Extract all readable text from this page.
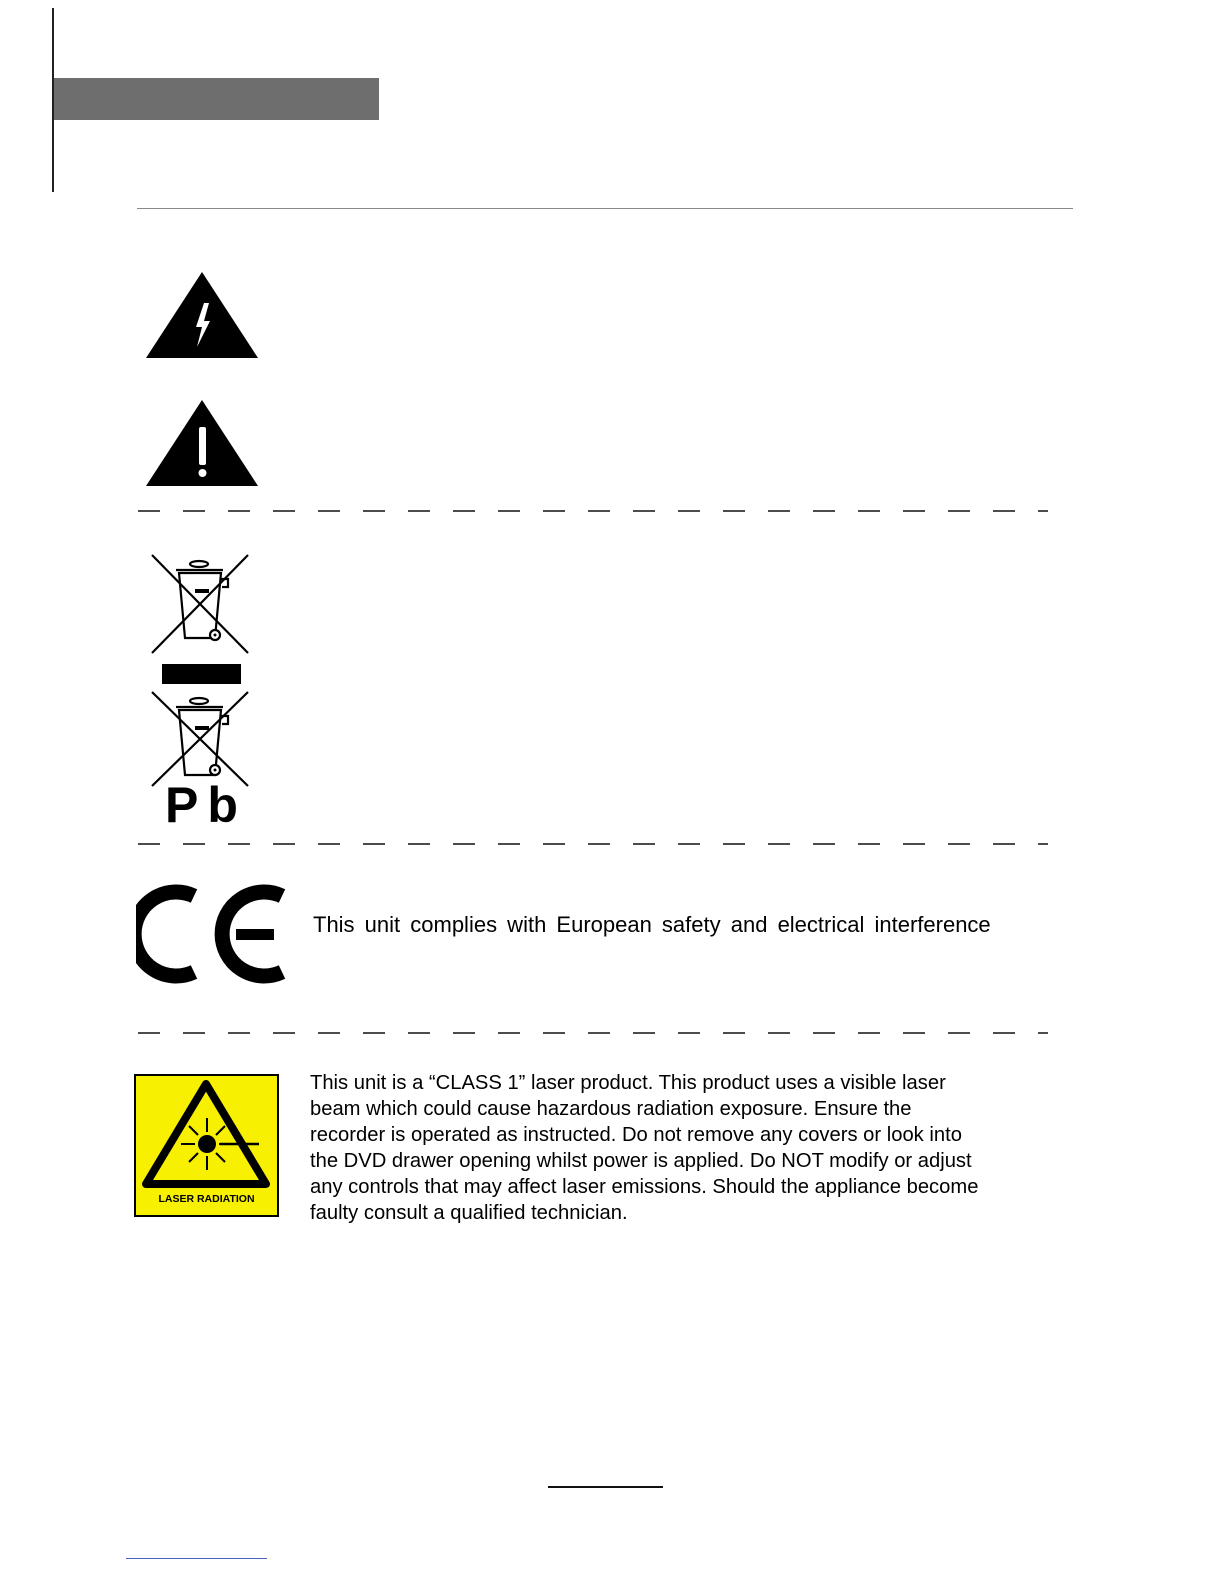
Pb
This unit complies with European safety and electrical interference
LASER RADIATION

This unit is a “CLASS 1” laser product. This product uses a visible laser
beam which could cause hazardous radiation exposure. Ensure the
recorder is operated as instructed. Do not remove any covers or look into
the DVD drawer opening whilst power is applied. Do NOT modify or adjust
any controls that may affect laser emissions. Should the appliance become
faulty consult a qualified technician.
